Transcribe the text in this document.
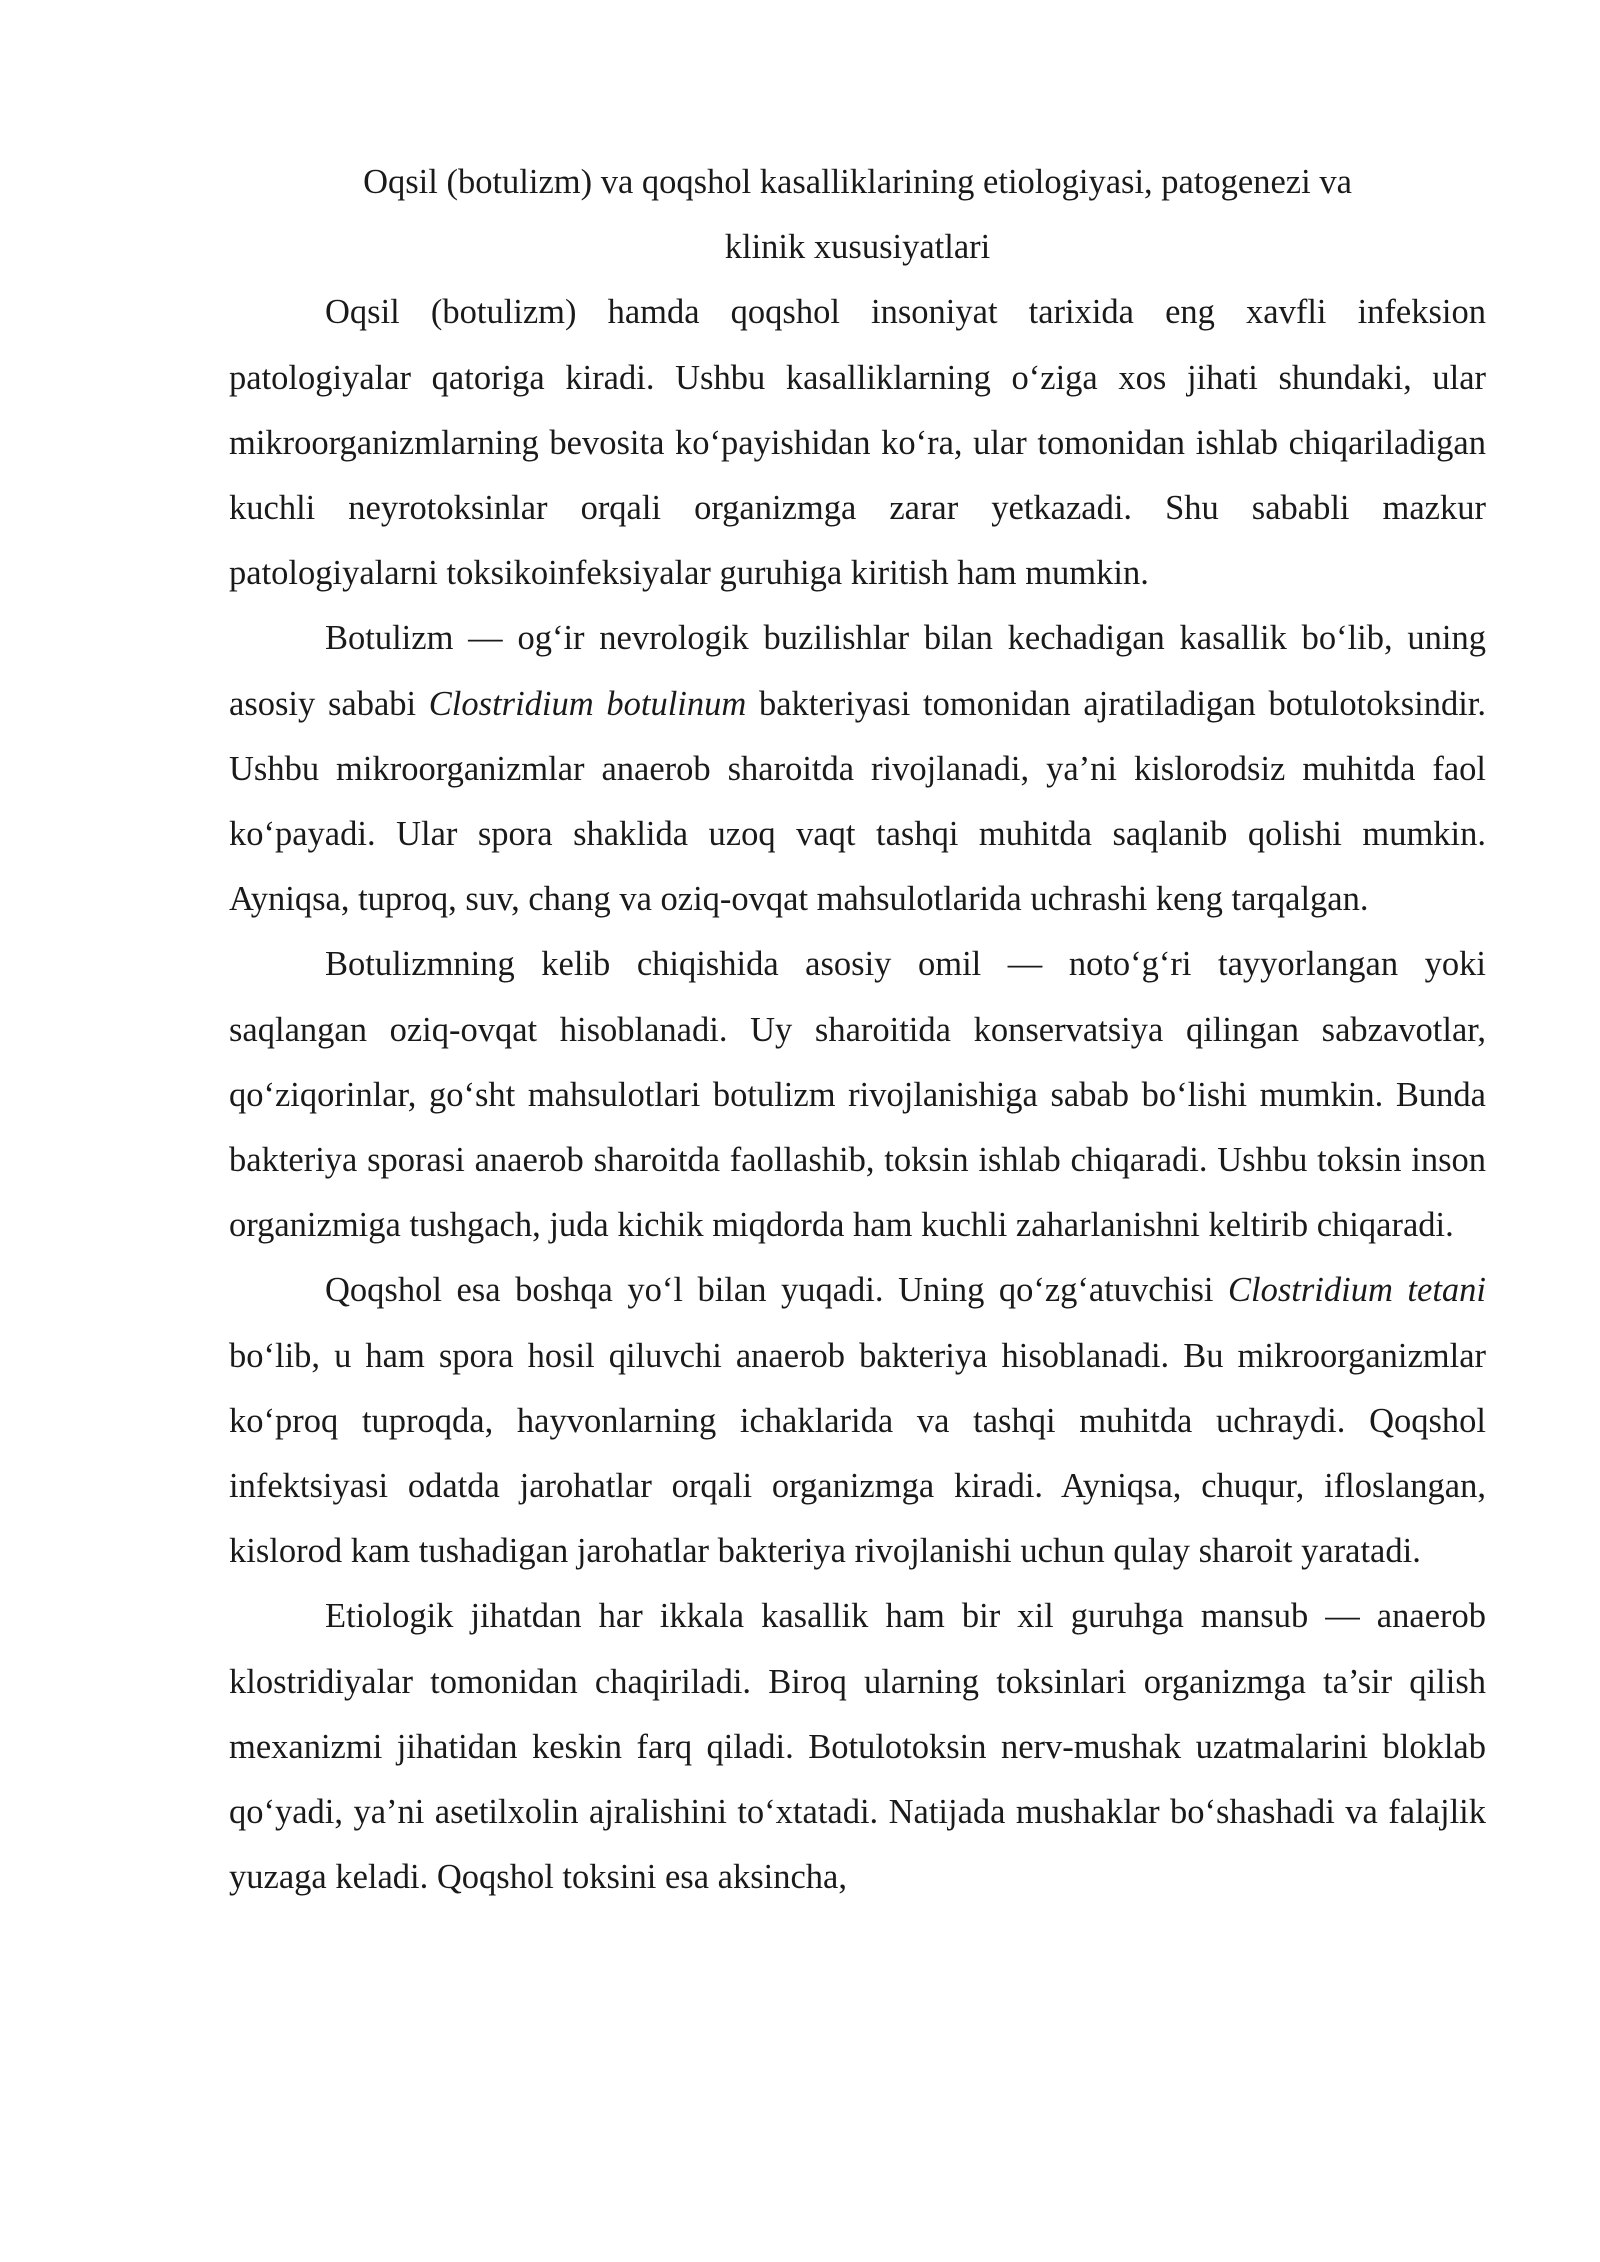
Oqsil (botulizm) va qoqshol kasalliklarining etiologiyasi, patogenezi va
klinik xususiyatlari

Oqsil (botulizm) hamda qoqshol insoniyat tarixida eng xavfli infeksion patologiyalar qatoriga kiradi. Ushbu kasalliklarning o‘ziga xos jihati shundaki, ular mikroorganizmlarning bevosita ko‘payishidan ko‘ra, ular tomonidan ishlab chiqariladigan kuchli neyrotoksinlar orqali organizmga zarar yetkazadi. Shu sababli mazkur patologiyalarni toksikoinfeksiyalar guruhiga kiritish ham mumkin.

Botulizm — og‘ir nevrologik buzilishlar bilan kechadigan kasallik bo‘lib, uning asosiy sababi Clostridium botulinum bakteriyasi tomonidan ajratiladigan botulotoksindir. Ushbu mikroorganizmlar anaerob sharoitda rivojlanadi, ya’ni kislorodsiz muhitda faol ko‘payadi. Ular spora shaklida uzoq vaqt tashqi muhitda saqlanib qolishi mumkin. Ayniqsa, tuproq, suv, chang va oziq-ovqat mahsulotlarida uchrashi keng tarqalgan.

Botulizmning kelib chiqishida asosiy omil — noto‘g‘ri tayyorlangan yoki saqlangan oziq-ovqat hisoblanadi. Uy sharoitida konservatsiya qilingan sabzavotlar, qo‘ziqorinlar, go‘sht mahsulotlari botulizm rivojlanishiga sabab bo‘lishi mumkin. Bunda bakteriya sporasi anaerob sharoitda faollashib, toksin ishlab chiqaradi. Ushbu toksin inson organizmiga tushgach, juda kichik miqdorda ham kuchli zaharlanishni keltirib chiqaradi.

Qoqshol esa boshqa yo‘l bilan yuqadi. Uning qo‘zg‘atuvchisi Clostridium tetani bo‘lib, u ham spora hosil qiluvchi anaerob bakteriya hisoblanadi. Bu mikroorganizmlar ko‘proq tuproqda, hayvonlarning ichaklarida va tashqi muhitda uchraydi. Qoqshol infektsiyasi odatda jarohatlar orqali organizmga kiradi. Ayniqsa, chuqur, ifloslangan, kislorod kam tushadigan jarohatlar bakteriya rivojlanishi uchun qulay sharoit yaratadi.

Etiologik jihatdan har ikkala kasallik ham bir xil guruhga mansub — anaerob klostridiyalar tomonidan chaqiriladi. Biroq ularning toksinlari organizmga ta’sir qilish mexanizmi jihatidan keskin farq qiladi. Botulotoksin nerv-mushak uzatmalarini bloklab qo‘yadi, ya’ni asetilxolin ajralishini to‘xtatadi. Natijada mushaklar bo‘shashadi va falajlik yuzaga keladi. Qoqshol toksini esa aksincha,
